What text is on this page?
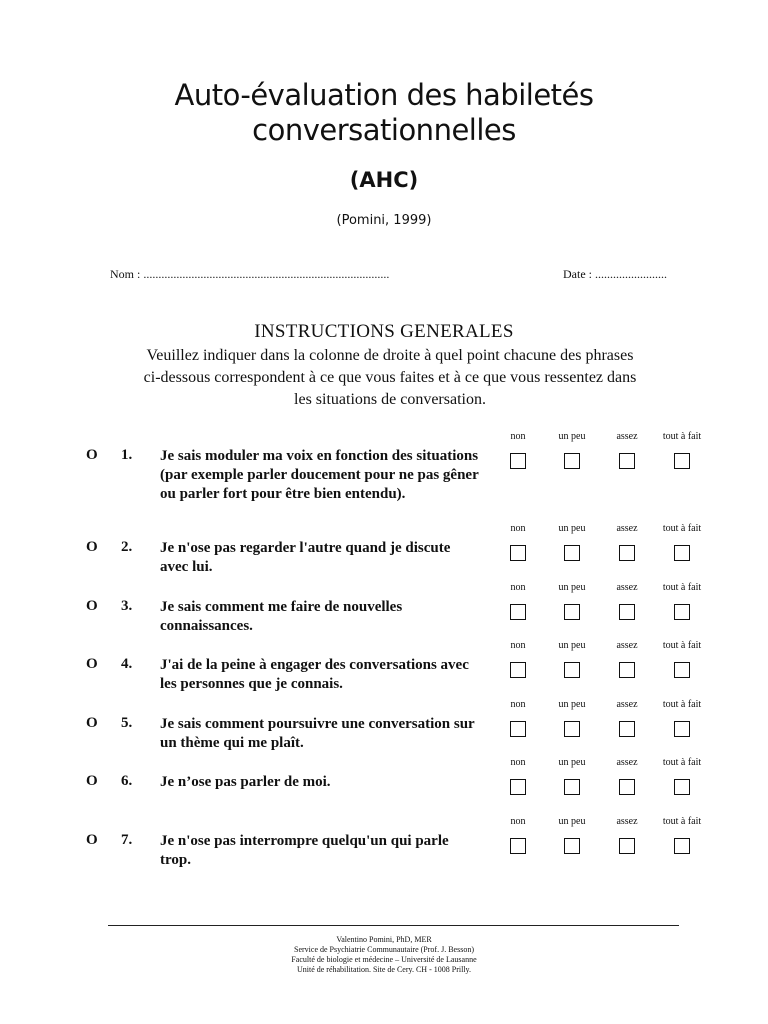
Auto-évaluation des habiletés
conversationnelles
(AHC)
(Pomini, 1999)
Nom : ..................................................................................	Date : ........................
INSTRUCTIONS GENERALES
Veuillez indiquer dans la colonne de droite à quel point chacune des phrases
ci-dessous correspondent à ce que vous faites et à ce que vous ressentez dans
les situations de conversation.
O 1. Je sais moduler ma voix en fonction des situations (par exemple parler doucement pour ne pas gêner ou parler fort pour être bien entendu).
non	un peu	assez	tout à fait
O 2. Je n'ose pas regarder l'autre quand je discute avec lui.
non	un peu	assez	tout à fait
O 3. Je sais comment me faire de nouvelles connaissances.
non	un peu	assez	tout à fait
O 4. J'ai de la peine à engager des conversations avec les personnes que je connais.
non	un peu	assez	tout à fait
O 5. Je sais comment poursuivre une conversation sur un thème qui me plaît.
non	un peu	assez	tout à fait
O 6. Je n’ose pas parler de moi.
non	un peu	assez	tout à fait
O 7. Je n'ose pas interrompre quelqu'un qui parle trop.
non	un peu	assez	tout à fait
Valentino Pomini, PhD, MER
Service de Psychiatrie Communautaire (Prof. J. Besson)
Faculté de biologie et médecine – Université de Lausanne
Unité de réhabilitation. Site de Cery. CH - 1008 Prilly.
